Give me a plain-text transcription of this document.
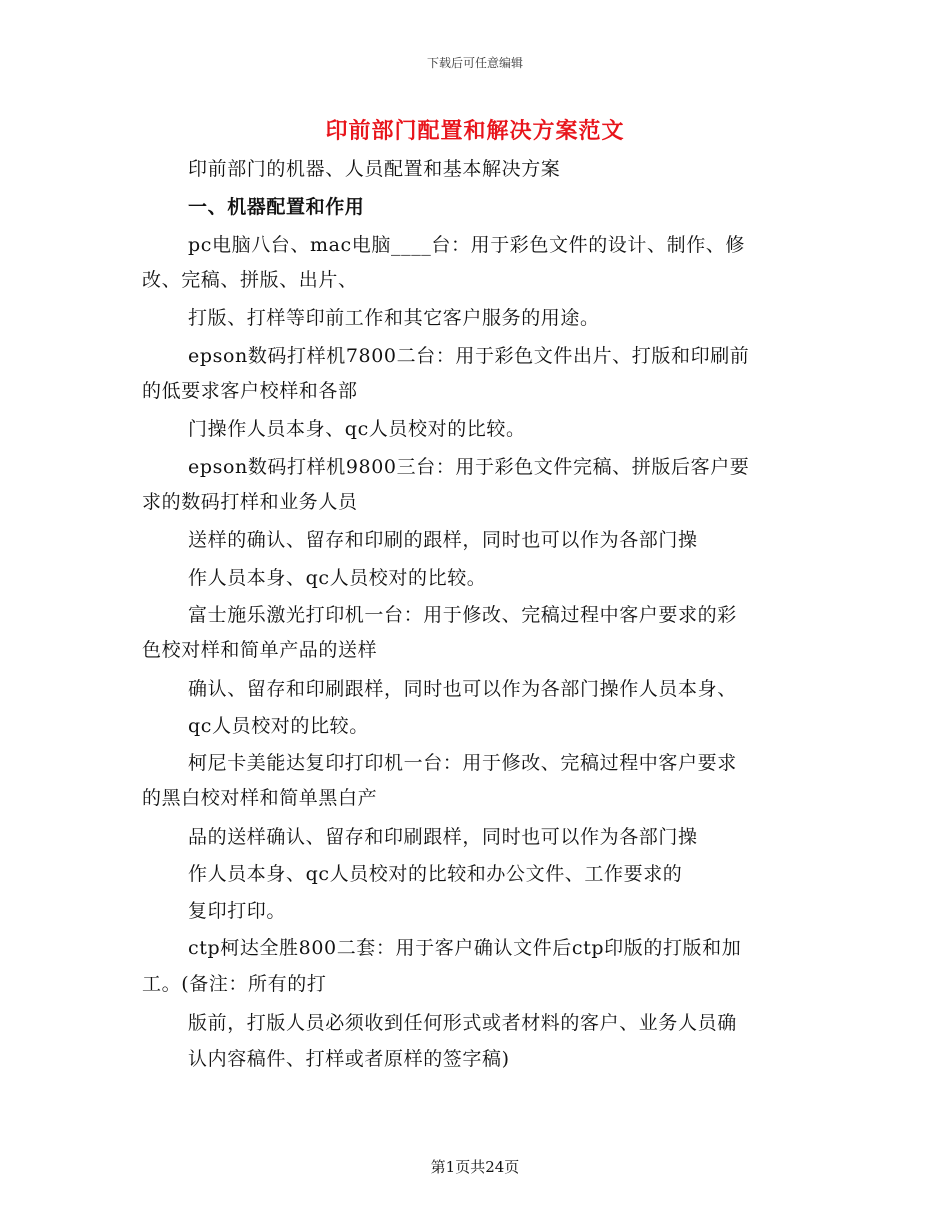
下载后可任意编辑
印前部门配置和解决方案范文
印前部门的机器、人员配置和基本解决方案
一、机器配置和作用
pc电脑八台、mac电脑____台：用于彩色文件的设计、制作、修
改、完稿、拼版、出片、
打版、打样等印前工作和其它客户服务的用途。
epson数码打样机7800二台：用于彩色文件出片、打版和印刷前
的低要求客户校样和各部
门操作人员本身、qc人员校对的比较。
epson数码打样机9800三台：用于彩色文件完稿、拼版后客户要
求的数码打样和业务人员
送样的确认、留存和印刷的跟样，同时也可以作为各部门操
作人员本身、qc人员校对的比较。
富士施乐激光打印机一台：用于修改、完稿过程中客户要求的彩
色校对样和简单产品的送样
确认、留存和印刷跟样，同时也可以作为各部门操作人员本身、
qc人员校对的比较。
柯尼卡美能达复印打印机一台：用于修改、完稿过程中客户要求
的黑白校对样和简单黑白产
品的送样确认、留存和印刷跟样，同时也可以作为各部门操
作人员本身、qc人员校对的比较和办公文件、工作要求的
复印打印。
ctp柯达全胜800二套：用于客户确认文件后ctp印版的打版和加
工。(备注：所有的打
版前，打版人员必须收到任何形式或者材料的客户、业务人员确
认内容稿件、打样或者原样的签字稿)
第1页共24页
